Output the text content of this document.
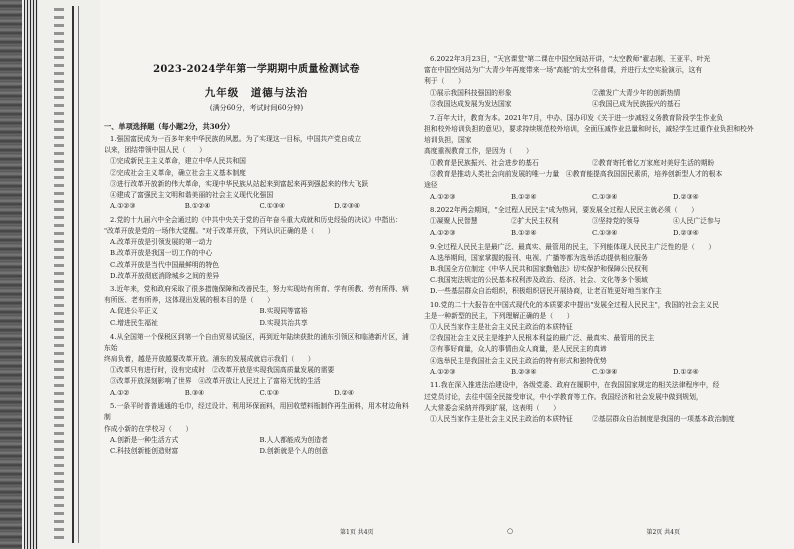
2023-2024学年第一学期期中质量检测试卷
九年级　道德与法治
(满分60分，考试时间60分钟)
一、单项选择题（每小题2分，共30分）

1.强国富民成为一百多年来中华民族的夙愿。为了实现这一目标，中国共产党自成立

以来，团结带领中国人民（　　）

①完成新民主主义革命，建立中华人民共和国

②完成社会主义革命，确立社会主义基本制度

③进行改革开放新的伟大革命，实现中华民族从站起来到富起来再到强起来的伟大飞跃

④建成了富强民主文明和谐美丽的社会主义现代化强国

A.①②③	B.①②④	C.①③④	D.②③④

2.党的十九届六中全会通过的《中共中央关于党的百年奋斗重大成就和历史经验的决议》中指出：

"改革开放是党的一场伟大觉醒。"对于改革开放，下列认识正确的是（　　）

A.改革开放是引领发展的第一动力

B.改革开放是我国一切工作的中心

C.改革开放是当代中国最鲜明的特色

D.改革开放彻底消除城乡之间的差异

3.近年来，党和政府采取了很多措施保障和改善民生，努力实现幼有所育、学有所教、劳有所得、病

有所医、老有所养，这体现出发展的根本目的是（　　）

A.促进公平正义	B.实现同等富裕
C.增进民生福祉	D.实现共治共享

4.从全国第一个保税区到第一个自由贸易试验区，再到近年陆续获批的浦东引领区和临港新片区，浦东始

终肩负着，越是开放越要改革开放。浦东的发展成就启示我们（　　）

①改革只有进行时，没有完成时　②改革开放是实现我国高质量发展的需要

③改革开放深刻影响了世界　④改革开放让人民过上了富裕无忧的生活

A.①②	B.③④	C.①③	D.②④

5.一条平时普普通通的毛巾，经过设计、利用环保面料，用回收塑料瓶制作再生面料，用木材边角料制

作成小新的在学校习（　　）

A.创新是一种生活方式	B.人人都能成为创造者
C.科技创新能创造财富	D.创新就是个人的创意

6.2022年3月23日，"天宫课堂"第二课在中国空间站开讲，"太空教师"翟志刚、王亚平、叶光

富在中国空间站为广大青少年再度带来一场"高能"的太空科普课，并进行太空实验演示，这有

利于（　　）

①展示我国科技强国的形象	②激发广大青少年的创新热情
③我国达成发展为发达国家	④我国已成为民族振兴的基石

7.百年大计，教育为本。2021年7月，中办、国办印发《关于进一步减轻义务教育阶段学生作业负

担和校外培训负担的意见》，要求持续规范校外培训，全面压减作业总量和时长，减轻学生过重作业负担和校外培训负担，国家

高度重视教育工作，是因为（　　）

①教育是民族振兴、社会进步的基石	②教育寄托着亿万家庭对美好生活的期盼

③教育是推动人类社会向前发展的唯一力量　④教育能提高我国国民素质，培养创新型人才的根本

途径

A.①②③	B.①②④	C.①③④	D.②③④

8.2022年两会期间，"全过程人民民主"成为热词，要发展全过程人民民主就必须（　　）

①凝聚人民智慧	②扩大民主权利	③坚持党的领导	④人民广泛参与
A.①②③	B.①②④	C.①③④	D.②③④

9.全过程人民民主是最广泛、最真实、最管用的民主，下列能体现人民民主广泛性的是（　　）

A.选举期间，国家掌握的报刊、电视、广播等都为选举活动提供相应服务

B.我国全方位制定《中华人民共和国家勤勉法》切实保护和保障公民权利

C.我国宪法规定的公民基本权利涉及政治、经济、社会、文化等多个领域

D.一些基层群众自治组织，积极组织居民开展协商，让老百姓更好地当家作主

10.党的二十大报告在中国式现代化的本质要求中提出"发展全过程人民民主"，我国的社会主义民

主是一种新型的民主，下列理解正确的是（　　）

①人民当家作主是社会主义民主政治的本质特征

②我国社会主义民主是维护人民根本利益的最广泛、最真实、最管用的民主

③有事好商量，众人的事情由众人商量，是人民民主的真谛

④选举民主是我国社会主义民主政治的特有形式和独特优势

A.①②③	B.②③④	C.①③④	D.①②④

11.我在深入推进法治建设中，各级党委、政府在履职中，在我国国家规定的相关法律程序中，经

过党员讨论，去往中国全民接受审议，中小学教育等工作。我国经济和社会发展中做到规划，

人大常委会采纳并得到扩展，这表明（　　）

①人民当家作主是社会主义民主政治的本质特征	②基层群众自治制度是我国的一项基本政治制度
第1页 共4页	○	第2页 共4页
